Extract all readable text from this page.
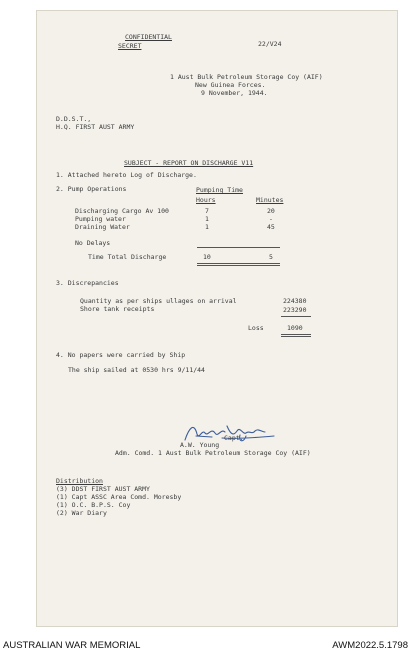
CONFIDENTIAL
SECRET	22/V24
1 Aust Bulk Petroleum Storage Coy (AIF)
New Guinea Forces.
9 November, 1944.
D.D.S.T.,
H.Q. FIRST AUST ARMY
SUBJECT - REPORT ON DISCHARGE V11
1. Attached hereto Log of Discharge.
2. Pump Operations	Pumping Time
Hours	Minutes
Discharging Cargo Av 100	7	20
Pumping water	1	-
Draining Water	1	45
No Delays
Time Total Discharge	10	5
3. Discrepancies
Quantity as per ships ullages on arrival	224380
Shore tank receipts	223290
Loss	1090
4. No papers were carried by Ship
The ship sailed at 0530 hrs 9/11/44
Capt.
A.W. Young
Adm. Comd. 1 Aust Bulk Petroleum Storage Coy (AIF)
Distribution
(3) DDST FIRST AUST ARMY
(1) Capt ASSC Area Comd. Moresby
(1) O.C. B.P.S. Coy
(2) War Diary
AUSTRALIAN WAR MEMORIAL	AWM2022.5.1798
